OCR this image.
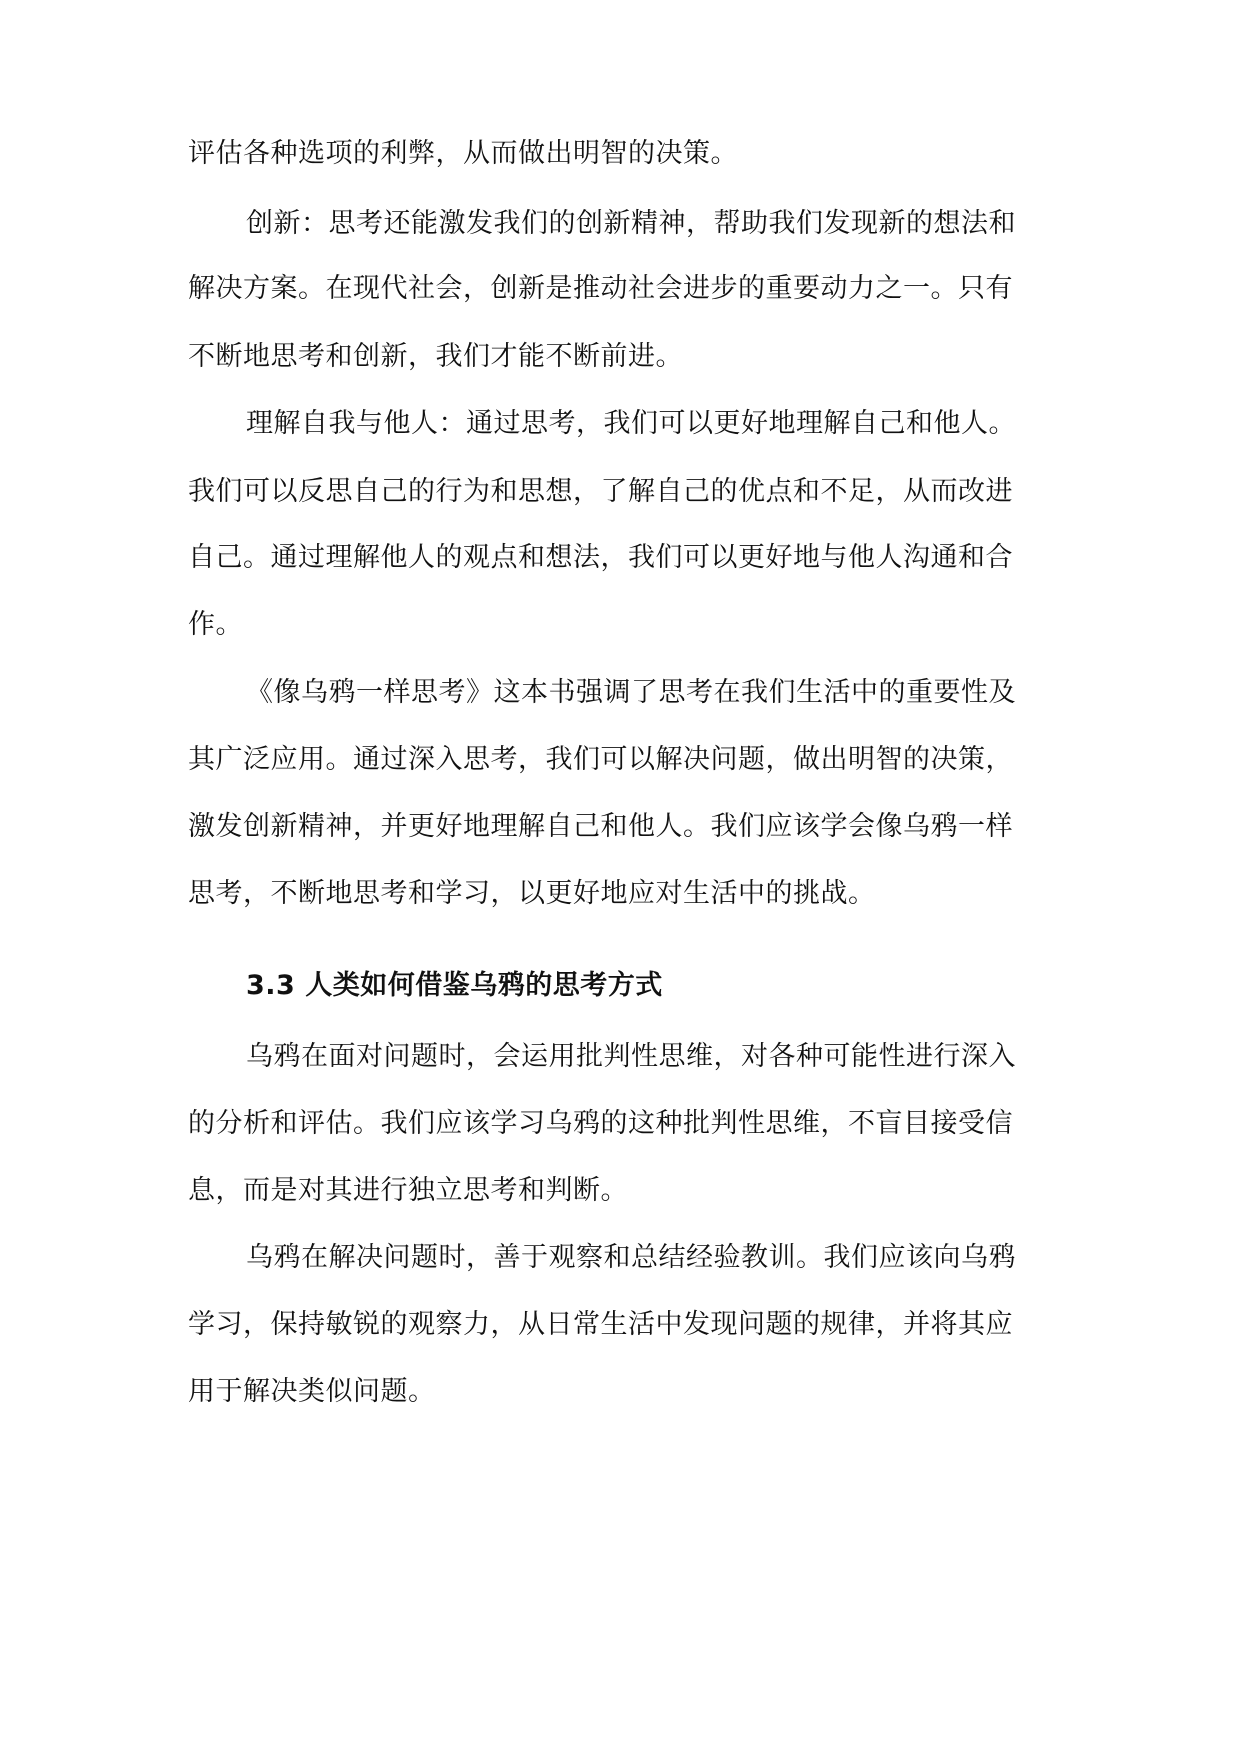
评估各种选项的利弊，从而做出明智的决策。
创新：思考还能激发我们的创新精神，帮助我们发现新的想法和
解决方案。在现代社会，创新是推动社会进步的重要动力之一。只有
不断地思考和创新，我们才能不断前进。
理解自我与他人：通过思考，我们可以更好地理解自己和他人。
我们可以反思自己的行为和思想，了解自己的优点和不足，从而改进
自己。通过理解他人的观点和想法，我们可以更好地与他人沟通和合
作。
《像乌鸦一样思考》这本书强调了思考在我们生活中的重要性及
其广泛应用。通过深入思考，我们可以解决问题，做出明智的决策，
激发创新精神，并更好地理解自己和他人。我们应该学会像乌鸦一样
思考，不断地思考和学习，以更好地应对生活中的挑战。
3.3 人类如何借鉴乌鸦的思考方式
乌鸦在面对问题时，会运用批判性思维，对各种可能性进行深入
的分析和评估。我们应该学习乌鸦的这种批判性思维，不盲目接受信
息，而是对其进行独立思考和判断。
乌鸦在解决问题时，善于观察和总结经验教训。我们应该向乌鸦
学习，保持敏锐的观察力，从日常生活中发现问题的规律，并将其应
用于解决类似问题。
